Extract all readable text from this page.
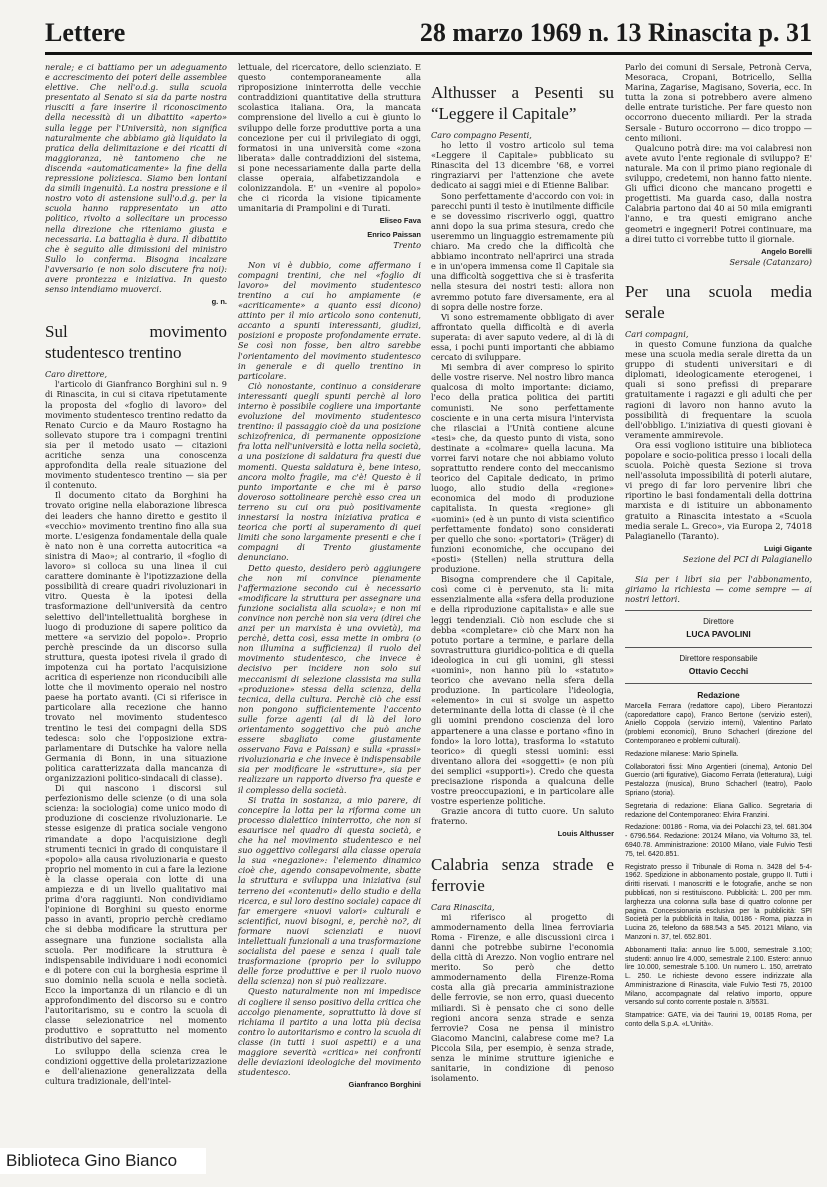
Lettere	28 marzo 1969 n. 13 Rinascita p. 31

nerale; e ci battiamo per un adeguamento e accrescimento dei poteri delle assemblee elettive. Che nell'o.d.g. sulla scuola presentato al Senato si sia da parte nostra riusciti a fare inserire il riconoscimento della necessità di un dibattito «aperto» sulla legge per l'Università, non significa naturalmente che abbiamo già liquidato la pratica della delimitazione e dei ricatti di maggioranza, nè tantomeno che ne discenda «automaticamente» la fine della repressione poliziesca. Siamo ben lontani da simili ingenuità. La nostra pressione e il nostro voto di astensione sull'o.d.g. per la scuola hanno rappresentato un atto politico, rivolto a sollecitare un processo nella direzione che riteniamo giusta e necessaria. La battaglia è dura. Il dibattito che è seguito alle dimissioni del ministro Sullo lo conferma. Bisogna incalzare l'avversario (e non solo discutere fra noi): avere prontezza e iniziativa. In questo senso intendiamo muoverci.

g. n.
Sul movimento studentesco trentino

Caro direttore,

l'articolo di Gianfranco Borghini sul n. 9 di Rinascita, in cui si citava ripetutamente la proposta del «foglio di lavoro» del movimento studentesco trentino redatto da Renato Curcio e da Mauro Rostagno ha sollevato stupore tra i compagni trentini sia per il metodo usato — citazioni acritiche senza una conoscenza approfondita della reale situazione del movimento studentesco trentino — sia per il contenuto.

Il documento citato da Borghini ha trovato origine nella elaborazione libresca dei leaders che hanno diretto e gestito il «vecchio» movimento trentino fino alla sua morte. L'esigenza fondamentale della quale è nato non è una corretta autocritica «a sinistra di Mao»; al contrario, il «foglio di lavoro» si colloca su una linea il cui carattere dominante è l'ipotizzazione della possibilità di creare quadri rivoluzionari in vitro. Questa è la ipotesi della trasformazione dell'università da centro selettivo dell'intellettualità borghese in luogo di produzione di sapere politico da mettere «a servizio del popolo». Proprio perchè prescinde da un discorso sulla struttura, questa ipotesi rivela il grado di impotenza cui ha portato l'acquisizione acritica di esperienze non riconducibili alle lotte che il movimento operaio nel nostro paese ha portato avanti. (Ci si riferisce in particolare alla recezione che hanno trovato nel movimento studentesco trentino le tesi dei compagni della SDS tedesca: solo che l'opposizione extra-parlamentare di Dutschke ha valore nella Germania di Bonn, in una situazione politica caratterizzata dalla mancanza di organizzazioni politico-sindacali di classe).

Di qui nascono i discorsi sul perfezionismo delle scienze (o di una sola scienza: la sociologia) come unico modo di produzione di coscienze rivoluzionarie. Le stesse esigenze di pratica sociale vengono rimandate a dopo l'acquisizione degli strumenti tecnici in grado di conquistare il «popolo» alla causa rivoluzionaria e questo proprio nel momento in cui a fare la lezione è la classe operaia con lotte di una ampiezza e di un livello qualitativo mai prima d'ora raggiunti. Non condividiamo l'opinione di Borghini su questo enorme passo in avanti, proprio perchè crediamo che si debba modificare la struttura per assegnare una funzione socialista alla scuola. Per modificare la struttura è indispensabile individuare i nodi economici e di potere con cui la borghesia esprime il suo dominio nella scuola e nella società. Ecco la importanza di un rilancio e di un approfondimento del discorso su e contro l'autoritarismo, su e contro la scuola di classe selezionatrice nel momento produttivo e soprattutto nel momento distributivo del sapere.

Lo sviluppo della scienza crea le condizioni oggettive della proletarizzazione e dell'alienazione generalizzata della cultura tradizionale, dell'intel-

lettuale, del ricercatore, dello scienziato. E questo contemporaneamente alla riproposizione ininterrotta delle vecchie contraddizioni quantitative della struttura scolastica italiana. Ora, la mancata comprensione del livello a cui è giunto lo sviluppo delle forze produttive porta a una concezione per cui il privilegiato di oggi, formatosi in una università come «zona liberata» dalle contraddizioni del sistema, si pone necessariamente dalla parte della classe operaia, alfabetizzandola e colonizzandola. E' un «venire al popolo» che ci ricorda la visione tipicamente umanitaria di Prampolini e di Turati.

Eliseo Fava
Enrico Paissan
Trento

Non vi è dubbio, come affermano i compagni trentini, che nel «foglio di lavoro» del movimento studentesco trentino a cui ho ampiamente (e «acriticamente» a quanto essi dicono) attinto per il mio articolo sono contenuti, accanto a spunti interessanti, giudizi, posizioni e proposte profondamente errate. Se così non fosse, ben altro sarebbe l'orientamento del movimento studentesco in generale e di quello trentino in particolare.

Ciò nonostante, continuo a considerare interessanti quegli spunti perchè al loro interno è possibile cogliere una importante evoluzione del movimento studentesco trentino: il passaggio cioè da una posizione schizofrenica, di permanente opposizione fra lotta nell'università e lotta nella società, a una posizione di saldatura fra questi due momenti. Questa saldatura è, bene inteso, ancora molto fragile, ma c'è! Questo è il punto importante e che mi è parso doveroso sottolineare perchè esso crea un terreno su cui ora può positivamente innestarsi la nostra iniziativa pratica e teorica che porti al superamento di quei limiti che sono largamente presenti e che i compagni di Trento giustamente denunciano.

Detto questo, desidero però aggiungere che non mi convince pienamente l'affermazione secondo cui è necessario «modificare la struttura per assegnare una funzione socialista alla scuola»; e non mi convince non perchè non sia vera (direi che anzi per un marxista è una ovvietà), ma perchè, detta così, essa mette in ombra (o non illumina a sufficienza) il ruolo del movimento studentesco, che invece è decisivo per incidere non solo sui meccanismi di selezione classista ma sulla «produzione» stessa della scienza, della tecnica, della cultura. Perchè ciò che essi non pongono sufficientemente l'accento sulle forze agenti (al di là del loro orientamento soggettivo che può anche essere sbagliato come giustamente osservano Fava e Paissan) e sulla «prassi» rivoluzionaria e che invece è indispensabile sia per modificare le «strutture», sia per realizzare un rapporto diverso fra queste e il complesso della società.

Si tratta in sostanza, a mio parere, di concepire la lotta per la riforma come un processo dialettico ininterrotto, che non si esaurisce nel quadro di questa società, e che ha nel movimento studentesco e nel suo oggettivo collegarsi alla classe operaia la sua «negazione»: l'elemento dinamico cioè che, agendo consapevolmente, sbatte la struttura e sviluppa una iniziativa (sul terreno dei «contenuti» dello studio e della ricerca, e sul loro destino sociale) capace di far emergere «nuovi valori» culturali e scientifici, nuovi bisogni, e, perchè no?, di formare nuovi scienziati e nuovi intellettuali funzionali a una trasformazione socialista del paese e senza i quali tale trasformazione (proprio per lo sviluppo delle forze produttive e per il ruolo nuovo della scienza) non si può realizzare.

Questo naturalmente non mi impedisce di cogliere il senso positivo della critica che accolgo pienamente, soprattutto là dove si richiama il partito a una lotta più decisa contro lo autoritarismo e contro la scuola di classe (in tutti i suoi aspetti) e a una maggiore severità «critica» nei confronti delle deviazioni ideologiche del movimento studentesco.

Gianfranco Borghini
Althusser a Pesenti su “Leggere il Capitale”

Caro compagno Pesenti,

ho letto il vostro articolo sul tema «Leggere il Capitale» pubblicato su Rinascita del 13 dicembre '68, e vorrei ringraziarvi per l'attenzione che avete dedicato ai saggi miei e di Etienne Balibar.

Sono perfettamente d'accordo con voi: in parecchi punti il testo è inutilmente difficile e se dovessimo riscriverlo oggi, quattro anni dopo la sua prima stesura, credo che useremmo un linguaggio estremamente più chiaro. Ma credo che la difficoltà che abbiamo incontrato nell'aprirci una strada e in un'opera immensa come Il Capitale sia una difficoltà soggettiva che si è trasferita nella stesura dei nostri testi: allora non avremmo potuto fare diversamente, era al di sopra delle nostre forze.

Vi sono estremamente obbligato di aver affrontato quella difficoltà e di averla superata: di aver saputo vedere, al di là di essa, i pochi punti importanti che abbiamo cercato di sviluppare.

Mi sembra di aver compreso lo spirito delle vostre riserve. Nel nostro libro manca qualcosa di molto importante: diciamo, l'eco della pratica politica dei partiti comunisti. Ne sono perfettamente cosciente e in una certa misura l'intervista che rilasciai a l'Unità contiene alcune «tesi» che, da questo punto di vista, sono destinate a «colmare» quella lacuna. Ma vorrei farvi notare che noi abbiamo voluto soprattutto rendere conto del meccanismo teorico del Capitale dedicato, in primo luogo, allo studio della «regione» economica del modo di produzione capitalista. In questa «regione» gli «uomini» (ed è un punto di vista scientifico perfettamente fondato) sono considerati per quello che sono: «portatori» (Träger) di funzioni economiche, che occupano dei «posti» (Stellen) nella struttura della produzione.

Bisogna comprendere che il Capitale, così come ci è pervenuto, sta li: mita essenzialmente alla «sfera della produzione e della riproduzione capitalista» e alle sue leggi tendenziali. Ciò non esclude che si debba «completare» ciò che Marx non ha potuto portare a termine, e parlare della sovrastruttura giuridico-politica e di quella ideologica in cui gli uomini, gli stessi «uomini», non hanno più lo «statuto» teorico che avevano nella sfera della produzione. In particolare l'ideologia, «elemento» in cui si svolge un aspetto determinante della lotta di classe (è il che gli uomini prendono coscienza del loro appartenere a una classe e portano «fino in fondo» la loro lotta), trasforma lo «statuto teorico» di quegli stessi uomini: essi diventano allora dei «soggetti» (e non più dei semplici «supporti»). Credo che questa precisazione risponda a qualcuna delle vostre preoccupazioni, e in particolare alle vostre esperienze politiche.

Grazie ancora di tutto cuore. Un saluto fraterno.

Louis Althusser
Calabria senza strade e ferrovie

Cara Rinascita,

mi riferisco al progetto di ammodernamento della linea ferroviaria Roma - Firenze, e alle discussioni circa i danni che potrebbe subirne l'economia della città di Arezzo. Non voglio entrare nel merito. So però che detto ammodernamento della Firenze-Roma costa alla già precaria amministrazione delle ferrovie, se non erro, quasi duecento miliardi. Sì è pensato che ci sono delle regioni ancora senza strade e senza ferrovie? Cosa ne pensa il ministro Giacomo Mancini, calabrese come me? La Piccola Sila, per esempio, è senza strade, senza le minime strutture igieniche e sanitarie, in condizione di penoso isolamento.

Parlo dei comuni di Sersale, Petronà Cerva, Mesoraca, Cropani, Botricello, Sellia Marina, Zagarise, Magisano, Soveria, ecc. In tutta la zona si potrebbero avere almeno delle entrate turistiche. Per fare questo non occorrono duecento miliardi. Per la strada Sersale - Buturo occorrono — dico troppo — cento milioni.

Qualcuno potrà dire: ma voi calabresi non avete avuto l'ente regionale di sviluppo? E' naturale. Ma con il primo piano regionale di sviluppo, credetemi, non hanno fatto niente. Gli uffici dicono che mancano progetti e progettisti. Ma guarda caso, dalla nostra Calabria partono dai 40 ai 50 mila emigranti l'anno, e tra questi emigrano anche geometri e ingegneri! Potrei continuare, ma a direi tutto ci vorrebbe tutto il giornale.

Angelo Borelli
Sersale (Catanzaro)
Per una scuola media serale

Cari compagni,

in questo Comune funziona da qualche mese una scuola media serale diretta da un gruppo di studenti universitari e di diplomati, ideologicamente eterogenei, i quali si sono prefissi di preparare gratuitamente i ragazzi e gli adulti che per ragioni di lavoro non hanno avuto la possibilità di frequentare la scuola dell'obbligo. L'iniziativa di questi giovani è veramente ammirevole.

Ora essi vogliono istituire una biblioteca popolare e socio-politica presso i locali della scuola. Poichè questa Sezione si trova nell'assoluta impossibilità di poterli aiutare, vi prego di far loro pervenire libri che riportino le basi fondamentali della dottrina marxista e di istituire un abbonamento gratuito a Rinascita intestato a «Scuola media serale L. Greco», via Europa 2, 74018 Palagianello (Taranto).

Luigi Gigante
Sezione del PCI di Palagianello

Sia per i libri sia per l'abbonamento, giriamo la richiesta — come sempre — ai nostri lettori.

Direttore
LUCA PAVOLINI
Direttore responsabile
Ottavio Cecchi
Redazione

Marcella Ferrara (redattore capo), Libero Pierantozzi (caporedattore capo), Franco Bertone (servizio esteri), Aniello Coppola (servizio interni), Valentino Parlato (problemi economici), Bruno Schacherl (direzione del Contemporaneo e problemi culturali).

Redazione milanese: Mario Spinella.

Collaboratori fissi: Mino Argentieri (cinema), Antonio Del Guercio (arti figurative), Giacomo Ferrata (letteratura), Luigi Pestalozza (musica), Bruno Schacherl (teatro), Paolo Spriano (storia).

Segretaria di redazione: Eliana Gallico. Segretaria di redazione del Contemporaneo: Elvira Franzini.

Redazione: 00186 - Roma, via dei Polacchi 23, tel. 681.304 - 6796.564. Redazione: 20124 Milano, via Volturno 33, tel. 6940.78. Amministrazione: 20100 Milano, viale Fulvio Testi 75, tel. 6420.851.

Registrato presso il Tribunale di Roma n. 3428 del 5-4-1962. Spedizione in abbonamento postale, gruppo II. Tutti i diritti riservati. I manoscritti e le fotografie, anche se non pubblicati, non si restituiscono. Pubblicità: L. 200 per mm. larghezza una colonna sulla base di quattro colonne per pagina. Concessionaria esclusiva per la pubblicità: SPI Società per la pubblicità in Italia, 00186 - Roma, piazza in Lucina 26, telefono da 688.543 a 545. 20121 Milano, via Manzoni n. 37, tel. 652.801.

Abbonamenti Italia: annuo lire 5.000, semestrale 3.100; studenti: annuo lire 4.000, semestrale 2.100. Estero: annuo lire 10.000, semestrale 5.100. Un numero L. 150, arretrato L. 250. Le richieste devono essere indirizzate alla Amministrazione di Rinascita, viale Fulvio Testi 75, 20100 Milano, accompagnate dal relativo importo, oppure versando sul conto corrente postale n. 3/5531.

Stampatrice: GATE, via dei Taurini 19, 00185 Roma, per conto della S.p.A. «L'Unità».

Biblioteca Gino Bianco
